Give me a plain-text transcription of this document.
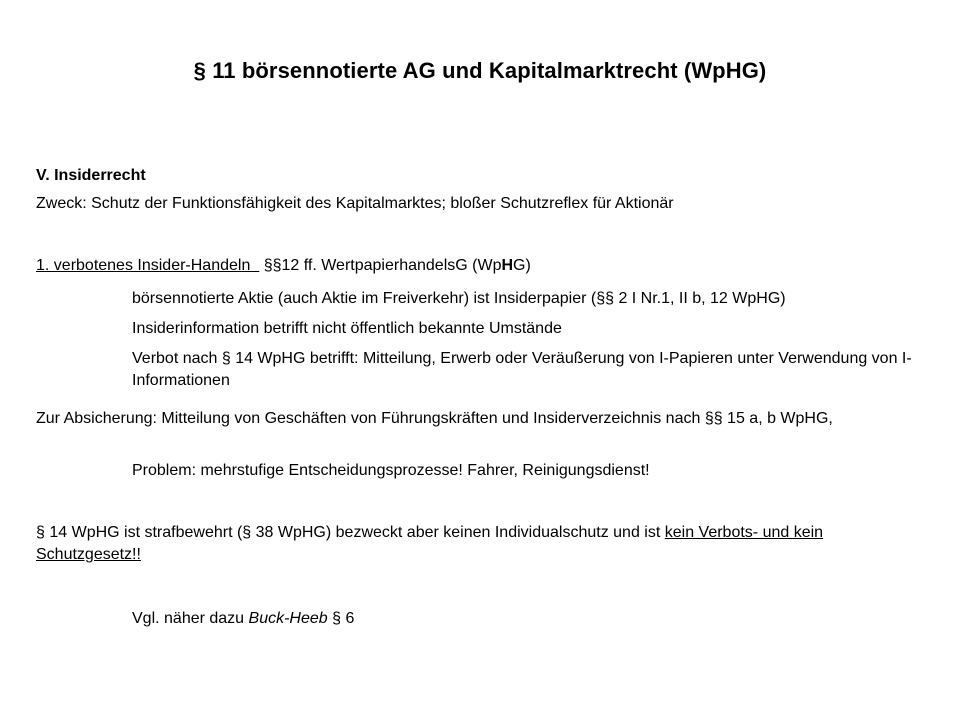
§ 11 börsennotierte AG und Kapitalmarktrecht (WpHG)
V. Insiderrecht
Zweck: Schutz der Funktionsfähigkeit des Kapitalmarktes; bloßer Schutzreflex für Aktionär
1. verbotenes Insider-Handeln §§12 ff. WertpapierhandelsG (WpHG)
börsennotierte Aktie (auch Aktie im Freiverkehr) ist Insiderpapier (§§ 2 I Nr.1, II b, 12 WpHG)
Insiderinformation betrifft nicht öffentlich bekannte Umstände
Verbot nach § 14 WpHG betrifft: Mitteilung, Erwerb oder Veräußerung von I-Papieren unter Verwendung von I-Informationen
Zur Absicherung: Mitteilung von Geschäften von Führungskräften und Insiderverzeichnis nach §§ 15 a, b WpHG,
Problem: mehrstufige Entscheidungsprozesse! Fahrer, Reinigungsdienst!
§ 14 WpHG ist strafbewehrt (§ 38 WpHG) bezweckt aber keinen Individualschutz und ist kein Verbots- und kein Schutzgesetz!!
Vgl. näher dazu Buck-Heeb § 6
